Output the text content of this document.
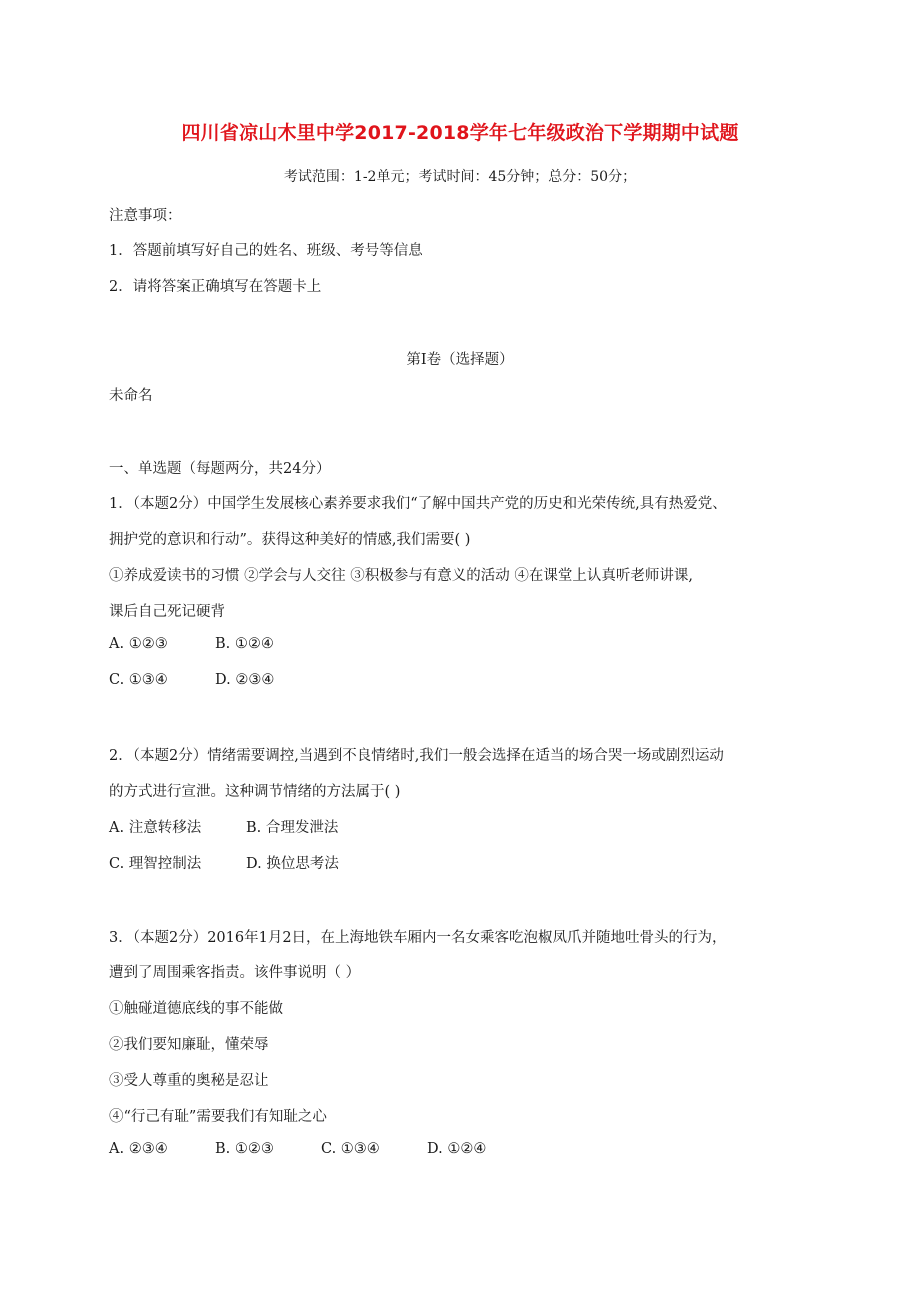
四川省凉山木里中学2017-2018学年七年级政治下学期期中试题
考试范围：1-2单元；考试时间：45分钟；总分：50分；
注意事项：
1．答题前填写好自己的姓名、班级、考号等信息
2．请将答案正确填写在答题卡上
第I卷（选择题）
未命名
一、单选题（每题两分，共24分）
1．（本题2分）中国学生发展核心素养要求我们“了解中国共产党的历史和光荣传统,具有热爱党、
拥护党的意识和行动”。获得这种美好的情感,我们需要( )
①养成爱读书的习惯 ②学会与人交往 ③积极参与有意义的活动 ④在课堂上认真听老师讲课,
课后自己死记硬背
A. ①②③	B. ①②④
C. ①③④	D. ②③④
2．（本题2分）情绪需要调控,当遇到不良情绪时,我们一般会选择在适当的场合哭一场或剧烈运动
的方式进行宣泄。这种调节情绪的方法属于( )
A. 注意转移法	B. 合理发泄法
C. 理智控制法	D. 换位思考法
3．（本题2分）2016年1月2日，在上海地铁车厢内一名女乘客吃泡椒凤爪并随地吐骨头的行为，
遭到了周围乘客指责。该件事说明（ ）
①触碰道德底线的事不能做
②我们要知廉耻，懂荣辱
③受人尊重的奥秘是忍让
④“行己有耻”需要我们有知耻之心
A. ②③④	B. ①②③	C. ①③④	D. ①②④
